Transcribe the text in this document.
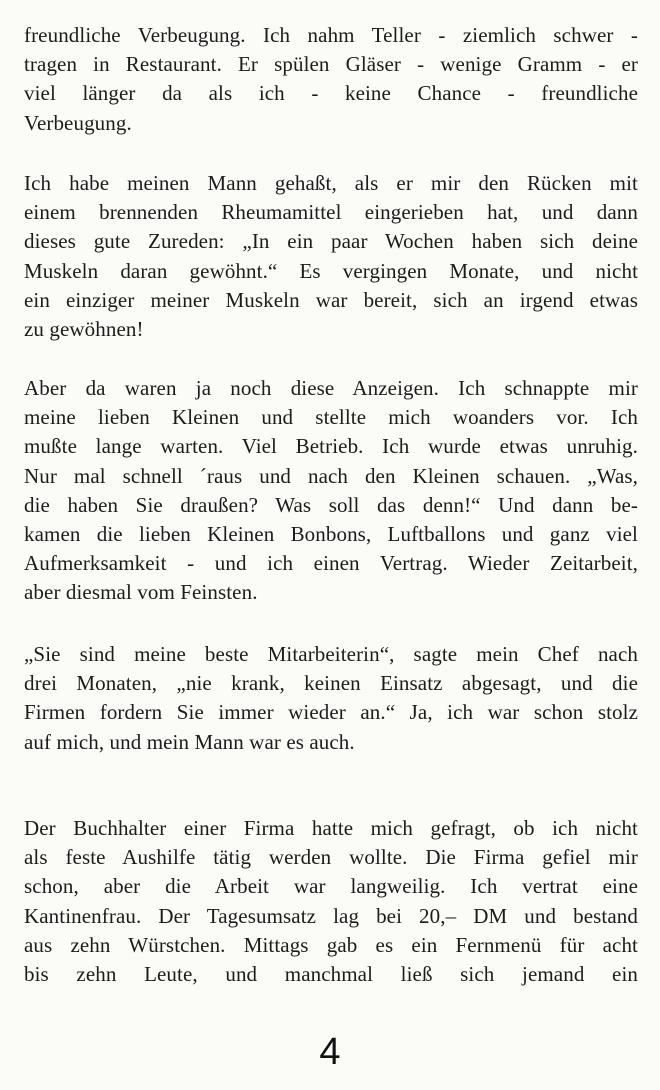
freundliche Verbeugung. Ich nahm Teller - ziemlich schwer -
tragen in Restaurant. Er spülen Gläser - wenige Gramm - er
viel länger da als ich - keine Chance - freundliche
Verbeugung.
Ich habe meinen Mann gehaßt, als er mir den Rücken mit
einem brennenden Rheumamittel eingerieben hat, und dann
dieses gute Zureden: „In ein paar Wochen haben sich deine
Muskeln daran gewöhnt.“ Es vergingen Monate, und nicht
ein einziger meiner Muskeln war bereit, sich an irgend etwas
zu gewöhnen!
Aber da waren ja noch diese Anzeigen. Ich schnappte mir
meine lieben Kleinen und stellte mich woanders vor. Ich
mußte lange warten. Viel Betrieb. Ich wurde etwas unruhig.
Nur mal schnell ´raus und nach den Kleinen schauen. „Was,
die haben Sie draußen? Was soll das denn!“ Und dann be-
kamen die lieben Kleinen Bonbons, Luftballons und ganz viel
Aufmerksamkeit - und ich einen Vertrag. Wieder Zeitarbeit,
aber diesmal vom Feinsten.
„Sie sind meine beste Mitarbeiterin“, sagte mein Chef nach
drei Monaten, „nie krank, keinen Einsatz abgesagt, und die
Firmen fordern Sie immer wieder an.“ Ja, ich war schon stolz
auf mich, und mein Mann war es auch.
Der Buchhalter einer Firma hatte mich gefragt, ob ich nicht
als feste Aushilfe tätig werden wollte. Die Firma gefiel mir
schon, aber die Arbeit war langweilig. Ich vertrat eine
Kantinenfrau. Der Tagesumsatz lag bei 20,– DM und bestand
aus zehn Würstchen. Mittags gab es ein Fernmenü für acht
bis zehn Leute, und manchmal ließ sich jemand ein
4
